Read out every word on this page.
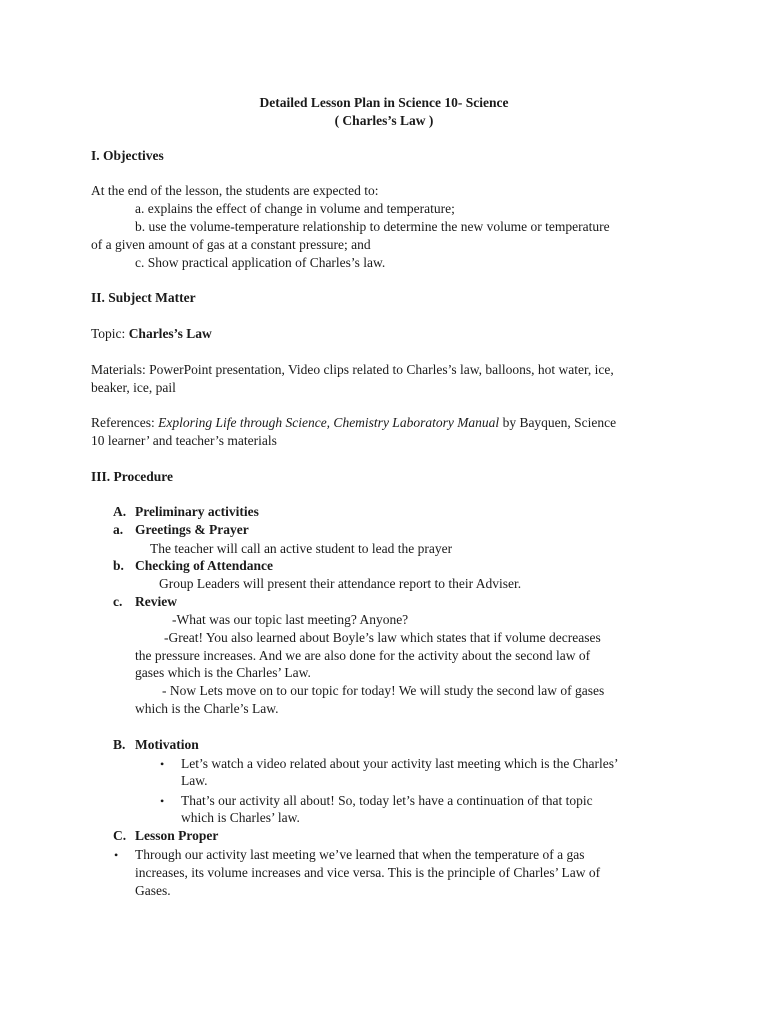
Detailed Lesson Plan in Science 10- Science
( Charles’s Law )
I. Objectives
At the end of the lesson, the students are expected to:
a. explains the effect of change in volume and temperature;
b. use the volume-temperature relationship to determine the new volume or temperature
of a given amount of gas at a constant pressure; and
c. Show practical application of Charles’s law.
II. Subject Matter
Topic: Charles’s Law
Materials: PowerPoint presentation, Video clips related to Charles’s law, balloons, hot water, ice,
beaker, ice, pail
References: Exploring Life through Science, Chemistry Laboratory Manual by Bayquen, Science
10 learner’ and teacher’s materials
III. Procedure
A. Preliminary activities
a. Greetings & Prayer
The teacher will call an active student to lead the prayer
b. Checking of Attendance
Group Leaders will present their attendance report to their Adviser.
c. Review
-What was our topic last meeting? Anyone?
-Great! You also learned about Boyle’s law which states that if volume decreases
the pressure increases. And we are also done for the activity about the second law of
gases which is the Charles’ Law.
- Now Lets move on to our topic for today! We will study the second law of gases
which is the Charle’s Law.
B. Motivation
• Let’s watch a video related about your activity last meeting which is the Charles’
Law.
• That’s our activity all about! So, today let’s have a continuation of that topic
which is Charles’ law.
C. Lesson Proper
• Through our activity last meeting we’ve learned that when the temperature of a gas
increases, its volume increases and vice versa. This is the principle of Charles’ Law of
Gases.
